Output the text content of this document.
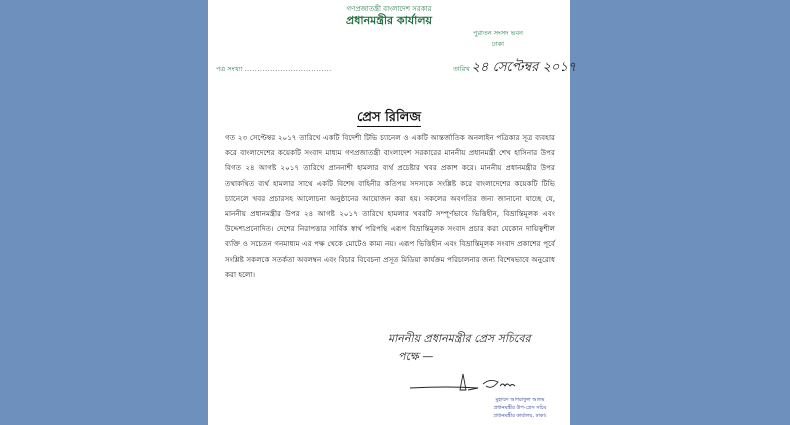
গণপ্রজাতন্ত্রী বাংলাদেশ সরকার
প্রধানমন্ত্রীর কার্যালয়
পুরাতন সংসদ ভবন
ঢাকা
পত্র সংখ্যা ..................................	তারিখ ২৪ সেপ্টেম্বর ২০১৭
প্রেস রিলিজ
গত ২৩ সেপ্টেম্বর ২০১৭ তারিখে একটি বিদেশী টিভি চ্যানেল ও একটি আন্তর্জাতিক অনলাইন পত্রিকার সূত্র ব্যবহার করে বাংলাদেশের কয়েকটি সংবাদ মাধ্যম গণপ্রজাতন্ত্রী বাংলাদেশ সরকারের মাননীয় প্রধানমন্ত্রী শেখ হাসিনার উপর বিগত ২৪ আগষ্ট ২০১৭ তারিখে প্রাননাশী হামলার ব্যর্থ প্রচেষ্টার খবর প্রকাশ করে। মাননীয় প্রধানমন্ত্রীর উপর তথাকথিত ব্যর্থ হামলার সাথে একটি বিশেষ বাহিনীর কতিপয় সদস্যকে সংশ্লিষ্ট করে বাংলাদেশের কয়েকটি টিভি চ্যানেলে খবর প্রচারসহ আলোচনা অনুষ্ঠানের আয়োজন করা হয়। সকলের অবগতির জন্য জানানো যাচ্ছে যে, মাননীয় প্রধানমন্ত্রীর উপর ২৪ আগষ্ট ২০১৭ তারিখে হামলার খবরটি সম্পূর্ণভাবে ভিত্তিহীন, বিভ্রান্তিমূলক এবং উদ্দেশ্যপ্রনোদিত। দেশের নিরাপত্তার সার্বিক স্বার্থ পরিপন্থি এরূপ বিভ্রান্তিমূলক সংবাদ প্রচার করা যেকোন দায়িত্বশীল ব্যক্তি ও সচেতন গনমাধ্যম এর পক্ষ থেকে মোটেও কাম্য নয়। এরূপ ভিত্তিহীন এবং বিভ্রান্তিমূলক সংবাদ প্রকাশের পূর্বে সংশ্লিষ্ট সকলকে সতর্কতা অবলম্বন এবং বিচার বিবেচনা প্রসূত মিডিয়া কার্যক্রম পরিচালনার জন্য বিশেষভাবে অনুরোধ করা হলো।
মাননীয় প্রধানমন্ত্রীর প্রেস সচিবের
পক্ষে —
মুহাম্মদ আশরাফুল আলম
প্রধানমন্ত্রীর উপ-প্রেস সচিব
প্রধানমন্ত্রীর কার্যালয়, ঢাকা।
